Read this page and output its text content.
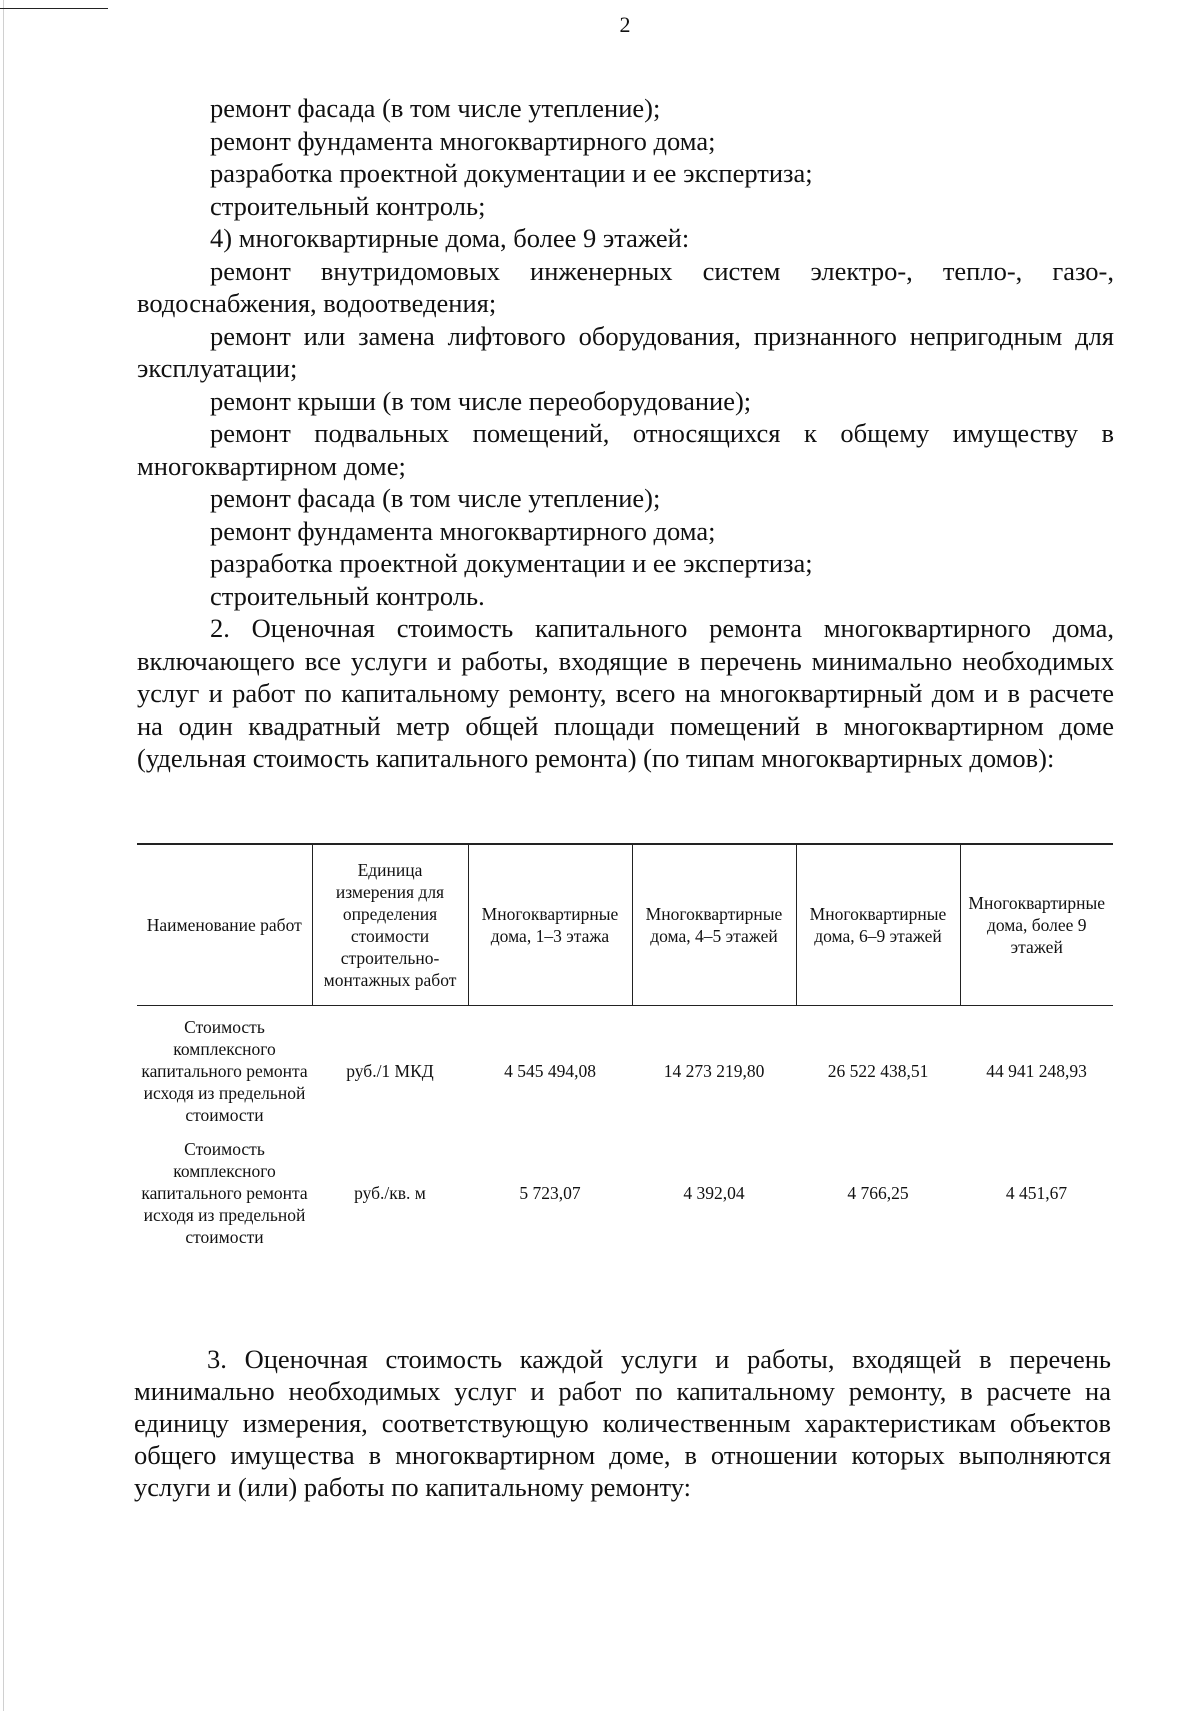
2

ремонт фасада (в том числе утепление);

ремонт фундамента многоквартирного дома;

разработка проектной документации и ее экспертиза;

строительный контроль;

4) многоквартирные дома, более 9 этажей:

ремонт внутридомовых инженерных систем электро-, тепло-, газо-, водоснабжения, водоотведения;

ремонт или замена лифтового оборудования, признанного непригодным для эксплуатации;

ремонт крыши (в том числе переоборудование);

ремонт подвальных помещений, относящихся к общему имуществу в многоквартирном доме;

ремонт фасада (в том числе утепление);

ремонт фундамента многоквартирного дома;

разработка проектной документации и ее экспертиза;

строительный контроль.

2. Оценочная стоимость капитального ремонта многоквартирного дома, включающего все услуги и работы, входящие в перечень минимально необходимых услуг и работ по капитальному ремонту, всего на многоквартирный дом и в расчете на один квадратный метр общей площади помещений в многоквартирном доме (удельная стоимость капитального ремонта) (по типам многоквартирных домов):

Наименование работ	Единица измерения для определения стоимости строительно-монтажных работ	Многоквартирные дома, 1–3 этажа	Многоквартирные дома, 4–5 этажей	Многоквартирные дома, 6–9 этажей	Многоквартирные дома, более 9 этажей
Стоимость комплексного капитального ремонта исходя из предельной стоимости	руб./1 МКД	4 545 494,08	14 273 219,80	26 522 438,51	44 941 248,93
Стоимость комплексного капитального ремонта исходя из предельной стоимости	руб./кв. м	5 723,07	4 392,04	4 766,25	4 451,67

3. Оценочная стоимость каждой услуги и работы, входящей в перечень минимально необходимых услуг и работ по капитальному ремонту, в расчете на единицу измерения, соответствующую количественным характеристикам объектов общего имущества в многоквартирном доме, в отношении которых выполняются услуги и (или) работы по капитальному ремонту:
